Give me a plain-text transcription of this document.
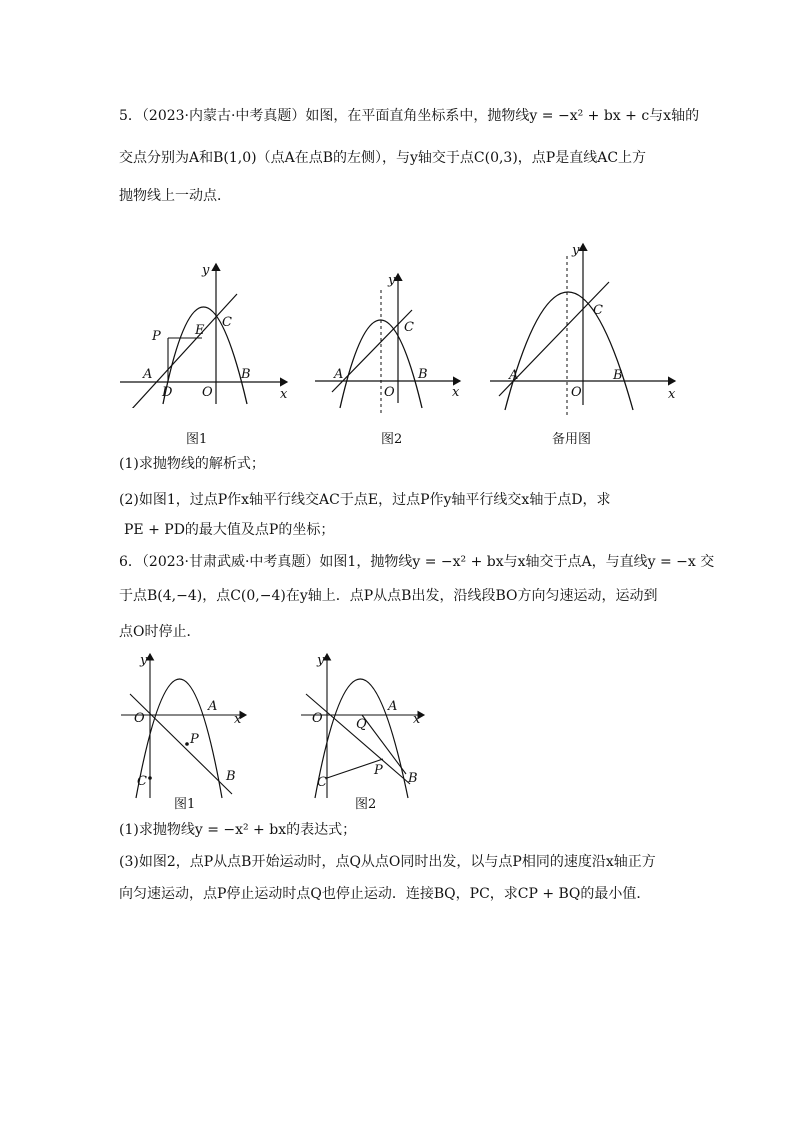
5．（2023·内蒙古·中考真题）如图，在平面直角坐标系中，抛物线y = −x² + bx + c与x轴的
交点分别为A和B(1,0)（点A在点B的左侧），与y轴交于点C(0,3)，点P是直线AC上方
抛物线上一动点．
y
x
P	E
C
A
D O
B
图1
y
x
C
A
O
B
图2
y
x
C
A
O
B
备用图
(1)求抛物线的解析式；
(2)如图1，过点P作x轴平行线交AC于点E，过点P作y轴平行线交x轴于点D，求
PE + PD的最大值及点P的坐标；
6．（2023·甘肃武威·中考真题）如图1，抛物线y = −x² + bx与x轴交于点A，与直线y = −x 交
于点B(4,−4)，点C(0,−4)在y轴上．点P从点B出发，沿线段BO方向匀速运动，运动到
点O时停止．
y
x
O
A
P
C	B
图1
y
x
O	Q
A
P
C	B
图2
(1)求抛物线y = −x² + bx的表达式；
(3)如图2，点P从点B开始运动时，点Q从点O同时出发，以与点P相同的速度沿x轴正方
向匀速运动，点P停止运动时点Q也停止运动．连接BQ，PC，求CP + BQ的最小值．
